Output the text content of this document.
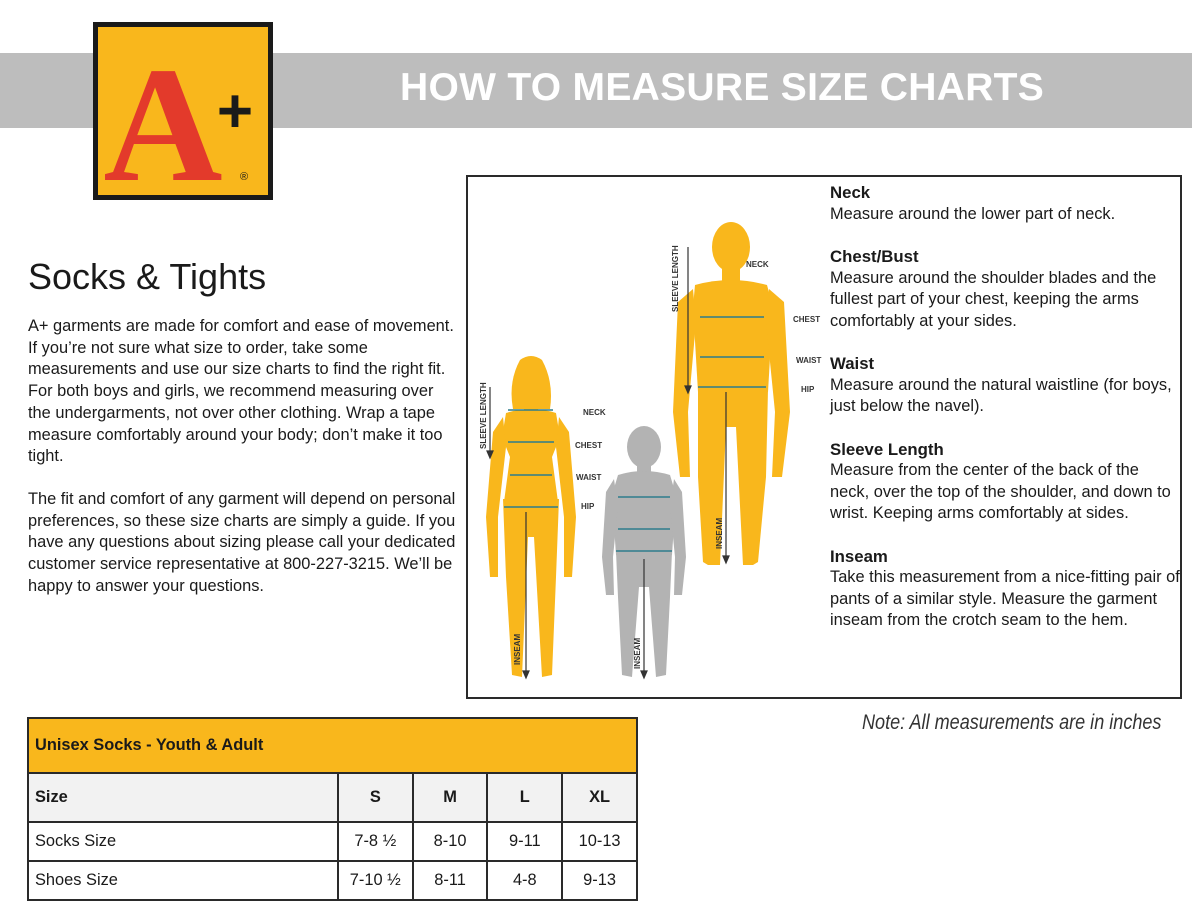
HOW TO MEASURE SIZE CHARTS
A
+
®
Socks & Tights

A+ garments are made for comfort and ease of movement. If you’re not sure what size to order, take some measurements and use our size charts to find the right fit. For both boys and girls, we recommend measuring over the undergarments, not over other clothing. Wrap a tape measure comfortably around your body; don’t make it too tight.

The fit and comfort of any garment will depend on personal preferences, so these size charts are simply a guide. If you have any questions about sizing please call your dedicated customer service representative at 800-227-3215. We’ll be happy to answer your questions.

NECK
CHEST
WAIST
HIP
NECK
CHEST
WAIST
HIP
SLEEVE LENGTH
SLEEVE LENGTH
INSEAM
INSEAM	INSEAM
Neck
Measure around the lower part of neck.
Chest/Bust
Measure around the shoulder blades and the fullest part of your chest, keeping the arms comfortably at your sides.
Waist
Measure around the natural waistline (for boys, just below the navel).
Sleeve Length
Measure from the center of the back of the neck, over the top of the shoulder, and down to wrist. Keeping arms comfortably at sides.
Inseam
Take this measurement from a nice-fitting pair of pants of a similar style. Measure the garment inseam from the crotch seam to the hem.
Note: All measurements are in inches
Unisex Socks - Youth & Adult				
Size	S	M	L	XL
Socks Size	7-8 ½	8-10	9-11	10-13
Shoes Size	7-10 ½	8-11	4-8	9-13
